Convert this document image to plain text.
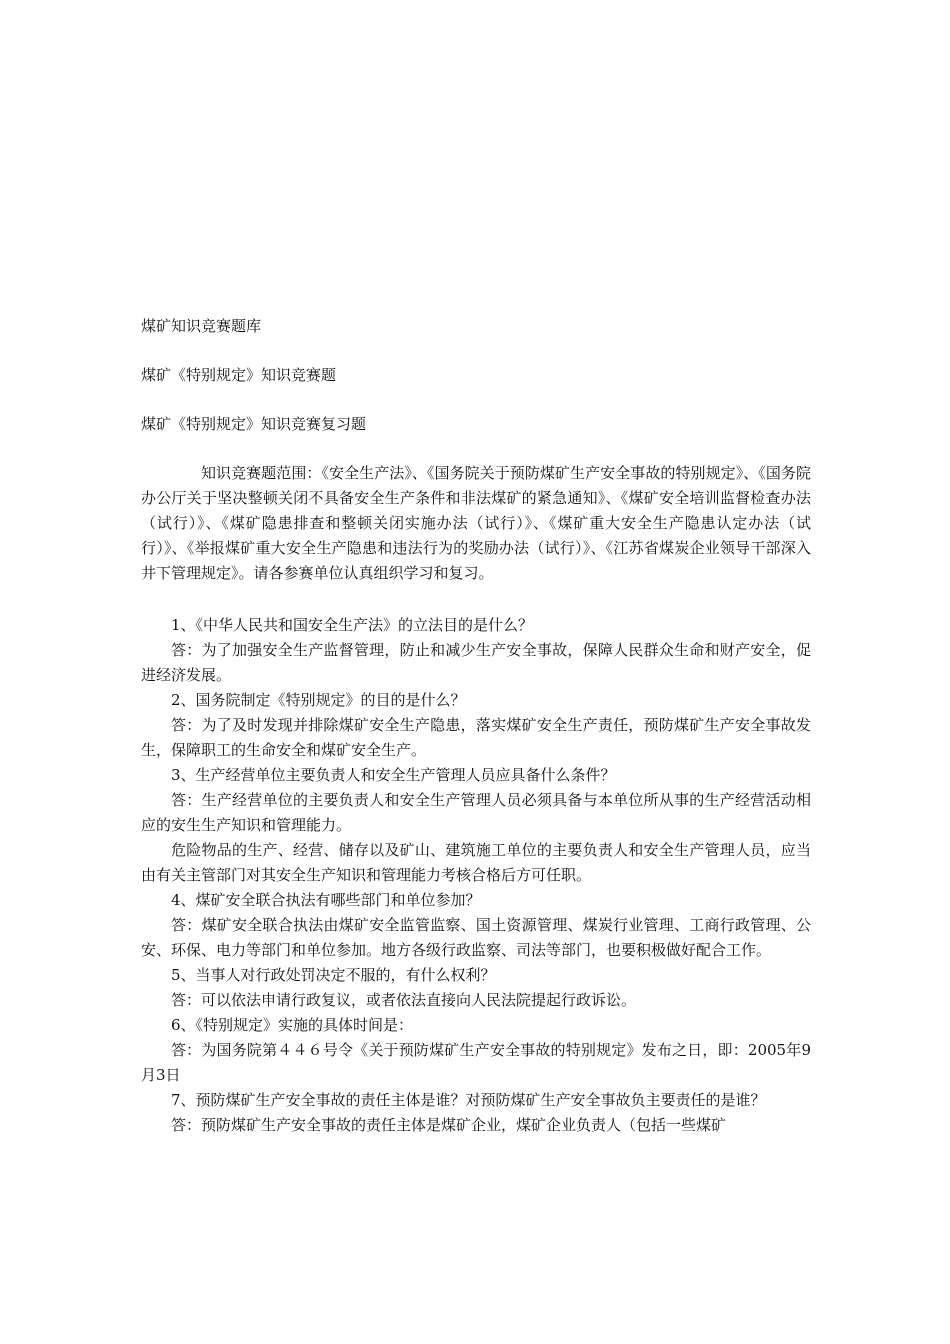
煤矿知识竞赛题库

煤矿《特别规定》知识竞赛题

煤矿《特别规定》知识竞赛复习题

知识竞赛题范围：《安全生产法》、《国务院关于预防煤矿生产安全事故的特别规定》、《国务院办公厅关于坚决整顿关闭不具备安全生产条件和非法煤矿的紧急通知》、《煤矿安全培训监督检查办法（试行）》、《煤矿隐患排查和整顿关闭实施办法（试行）》、《煤矿重大安全生产隐患认定办法（试行）》、《举报煤矿重大安全生产隐患和违法行为的奖励办法（试行）》、《江苏省煤炭企业领导干部深入井下管理规定》。请各参赛单位认真组织学习和复习。

1、《中华人民共和国安全生产法》的立法目的是什么？

答：为了加强安全生产监督管理，防止和减少生产安全事故，保障人民群众生命和财产安全，促进经济发展。

2、国务院制定《特别规定》的目的是什么？

答：为了及时发现并排除煤矿安全生产隐患，落实煤矿安全生产责任，预防煤矿生产安全事故发生，保障职工的生命安全和煤矿安全生产。

3、生产经营单位主要负责人和安全生产管理人员应具备什么条件？

答：生产经营单位的主要负责人和安全生产管理人员必须具备与本单位所从事的生产经营活动相应的安生生产知识和管理能力。

危险物品的生产、经营、储存以及矿山、建筑施工单位的主要负责人和安全生产管理人员，应当由有关主管部门对其安全生产知识和管理能力考核合格后方可任职。

4、煤矿安全联合执法有哪些部门和单位参加？

答：煤矿安全联合执法由煤矿安全监管监察、国土资源管理、煤炭行业管理、工商行政管理、公安、环保、电力等部门和单位参加。地方各级行政监察、司法等部门，也要积极做好配合工作。

5、当事人对行政处罚决定不服的，有什么权利？

答：可以依法申请行政复议，或者依法直接向人民法院提起行政诉讼。

6、《特别规定》实施的具体时间是：

答：为国务院第４４６号令《关于预防煤矿生产安全事故的特别规定》发布之日，即：2005年9月3日

7、预防煤矿生产安全事故的责任主体是谁？对预防煤矿生产安全事故负主要责任的是谁？

答：预防煤矿生产安全事故的责任主体是煤矿企业，煤矿企业负责人（包括一些煤矿
